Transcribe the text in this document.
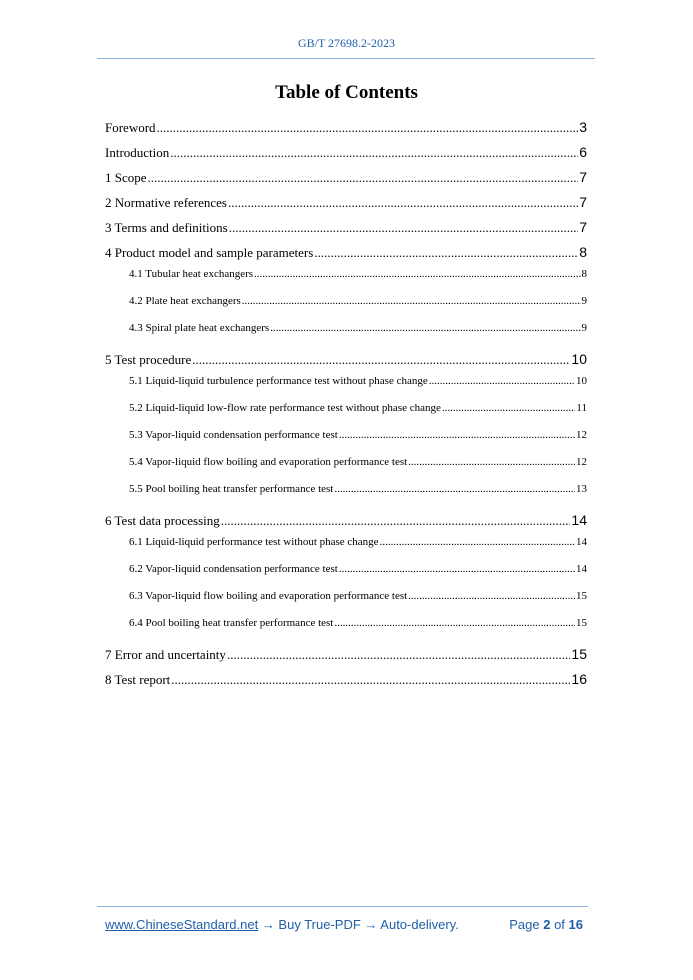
GB/T 27698.2-2023
Table of Contents
Foreword .....	3
Introduction .....	6
1 Scope .....	7
2 Normative references .....	7
3 Terms and definitions .....	7
4 Product model and sample parameters .....	8
4.1 Tubular heat exchangers .....	8
4.2 Plate heat exchangers .....	9
4.3 Spiral plate heat exchangers .....	9
5 Test procedure .....	10
5.1 Liquid-liquid turbulence performance test without phase change .....	10
5.2 Liquid-liquid low-flow rate performance test without phase change .....	11
5.3 Vapor-liquid condensation performance test .....	12
5.4 Vapor-liquid flow boiling and evaporation performance test .....	12
5.5 Pool boiling heat transfer performance test .....	13
6 Test data processing .....	14
6.1 Liquid-liquid performance test without phase change .....	14
6.2 Vapor-liquid condensation performance test .....	14
6.3 Vapor-liquid flow boiling and evaporation performance test .....	15
6.4 Pool boiling heat transfer performance test .....	15
7 Error and uncertainty .....	15
8 Test report .....	16
www.ChineseStandard.net → Buy True-PDF → Auto-delivery.	Page 2 of 16
